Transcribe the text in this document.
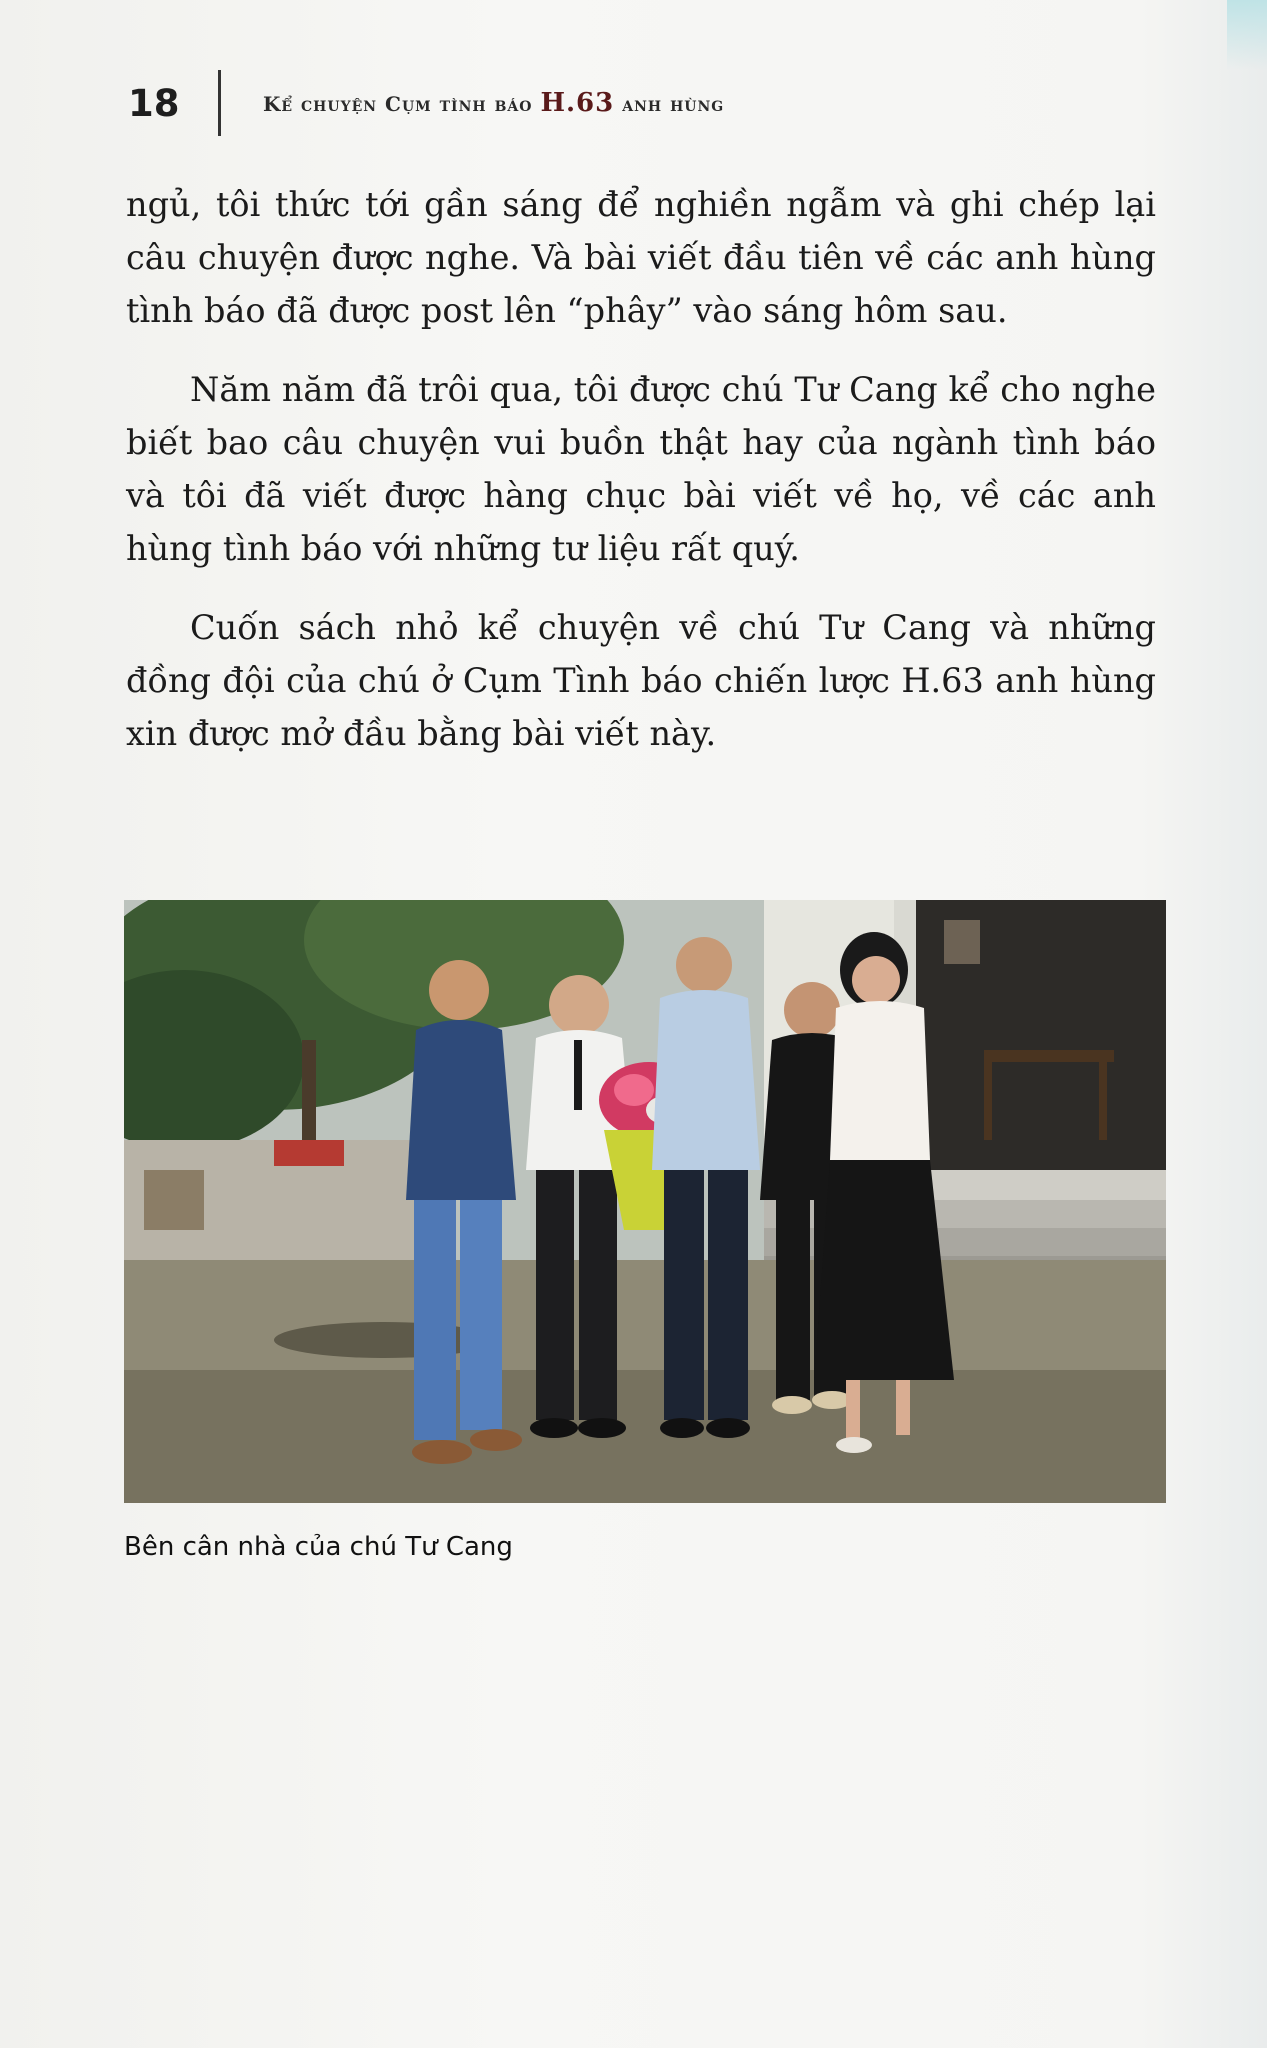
18	Kể chuyện Cụm tình báo H.63 anh hùng

ngủ, tôi thức tới gần sáng để nghiền ngẫm và ghi chép lại câu chuyện được nghe. Và bài viết đầu tiên về các anh hùng tình báo đã được post lên “phây” vào sáng hôm sau.

Năm năm đã trôi qua, tôi được chú Tư Cang kể cho nghe biết bao câu chuyện vui buồn thật hay của ngành tình báo và tôi đã viết được hàng chục bài viết về họ, về các anh hùng tình báo với những tư liệu rất quý.

Cuốn sách nhỏ kể chuyện về chú Tư Cang và những đồng đội của chú ở Cụm Tình báo chiến lược H.63 anh hùng xin được mở đầu bằng bài viết này.

Bên cân nhà của chú Tư Cang
